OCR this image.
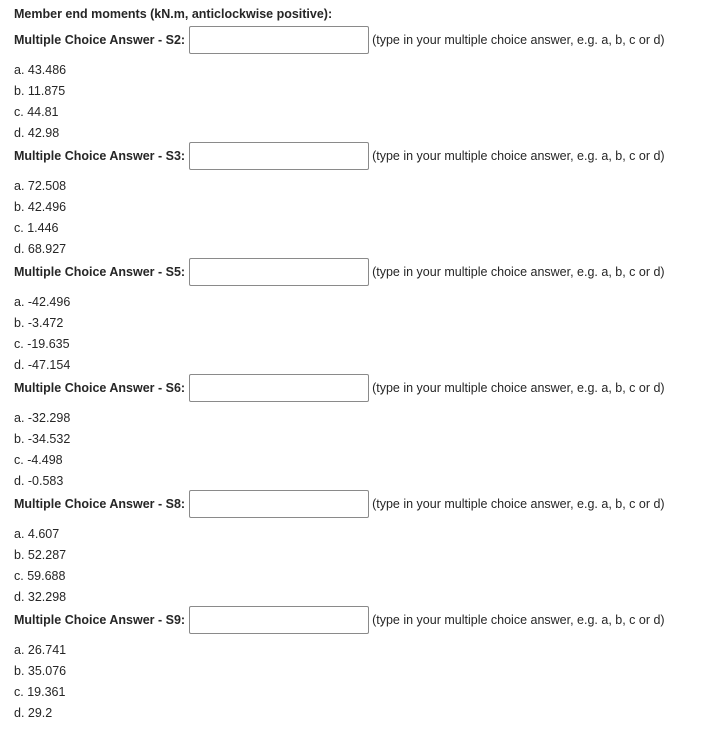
Member end moments (kN.m, anticlockwise positive):
Multiple Choice Answer - S2:	(type in your multiple choice answer, e.g. a, b, c or d)
a. 43.486
b. 11.875
c. 44.81
d. 42.98
Multiple Choice Answer - S3:	(type in your multiple choice answer, e.g. a, b, c or d)
a. 72.508
b. 42.496
c. 1.446
d. 68.927
Multiple Choice Answer - S5:	(type in your multiple choice answer, e.g. a, b, c or d)
a. -42.496
b. -3.472
c. -19.635
d. -47.154
Multiple Choice Answer - S6:	(type in your multiple choice answer, e.g. a, b, c or d)
a. -32.298
b. -34.532
c. -4.498
d. -0.583
Multiple Choice Answer - S8:	(type in your multiple choice answer, e.g. a, b, c or d)
a. 4.607
b. 52.287
c. 59.688
d. 32.298
Multiple Choice Answer - S9:	(type in your multiple choice answer, e.g. a, b, c or d)
a. 26.741
b. 35.076
c. 19.361
d. 29.2
